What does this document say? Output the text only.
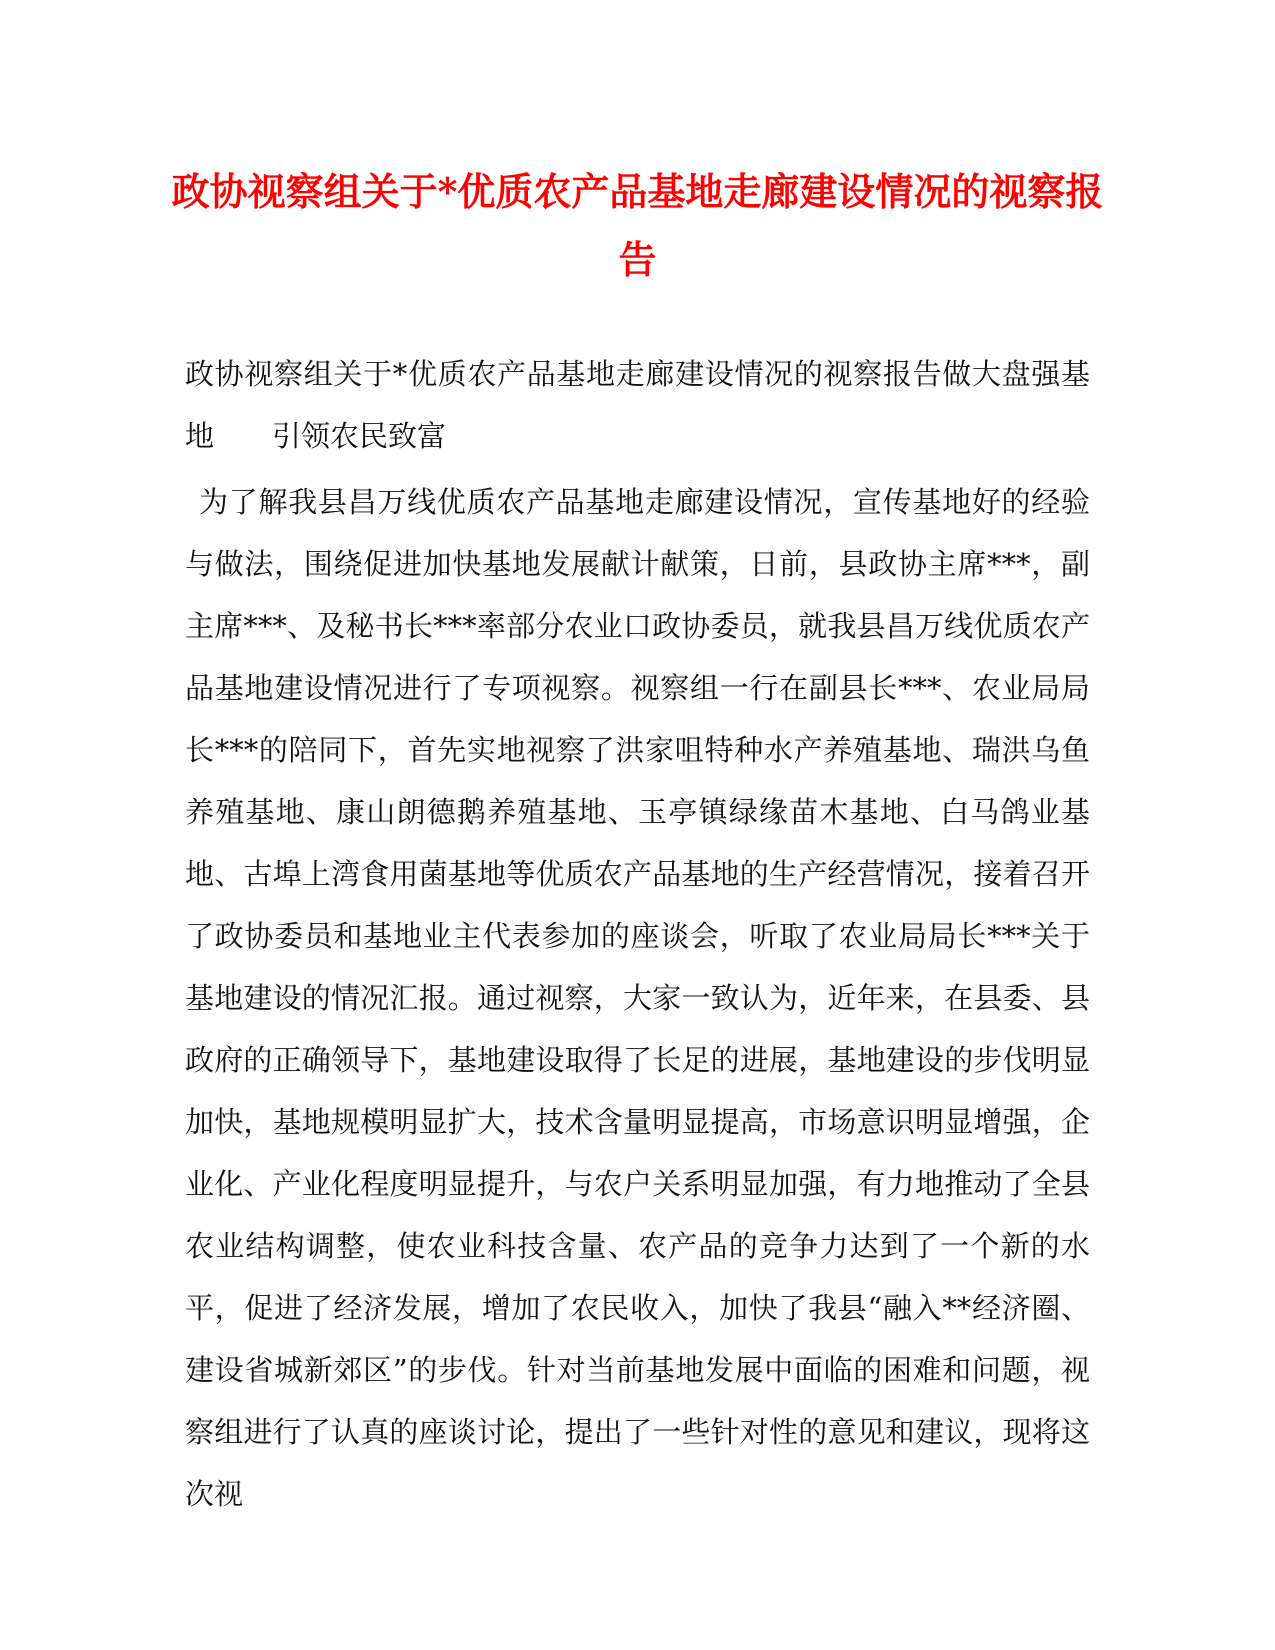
政协视察组关于*优质农产品基地走廊建设情况的视察报告

政协视察组关于*优质农产品基地走廊建设情况的视察报告做大盘强基地 引领农民致富

为了解我县昌万线优质农产品基地走廊建设情况，宣传基地好的经验与做法，围绕促进加快基地发展献计献策，日前，县政协主席***，副主席***、及秘书长***率部分农业口政协委员，就我县昌万线优质农产品基地建设情况进行了专项视察。视察组一行在副县长***、农业局局长***的陪同下，首先实地视察了洪家咀特种水产养殖基地、瑞洪乌鱼养殖基地、康山朗德鹅养殖基地、玉亭镇绿缘苗木基地、白马鸽业基地、古埠上湾食用菌基地等优质农产品基地的生产经营情况，接着召开了政协委员和基地业主代表参加的座谈会，听取了农业局局长***关于基地建设的情况汇报。通过视察，大家一致认为，近年来，在县委、县政府的正确领导下，基地建设取得了长足的进展，基地建设的步伐明显加快，基地规模明显扩大，技术含量明显提高，市场意识明显增强，企业化、产业化程度明显提升，与农户关系明显加强，有力地推动了全县农业结构调整，使农业科技含量、农产品的竞争力达到了一个新的水平，促进了经济发展，增加了农民收入，加快了我县“融入**经济圈、建设省城新郊区”的步伐。针对当前基地发展中面临的困难和问题，视察组进行了认真的座谈讨论，提出了一些针对性的意见和建议，现将这次视
